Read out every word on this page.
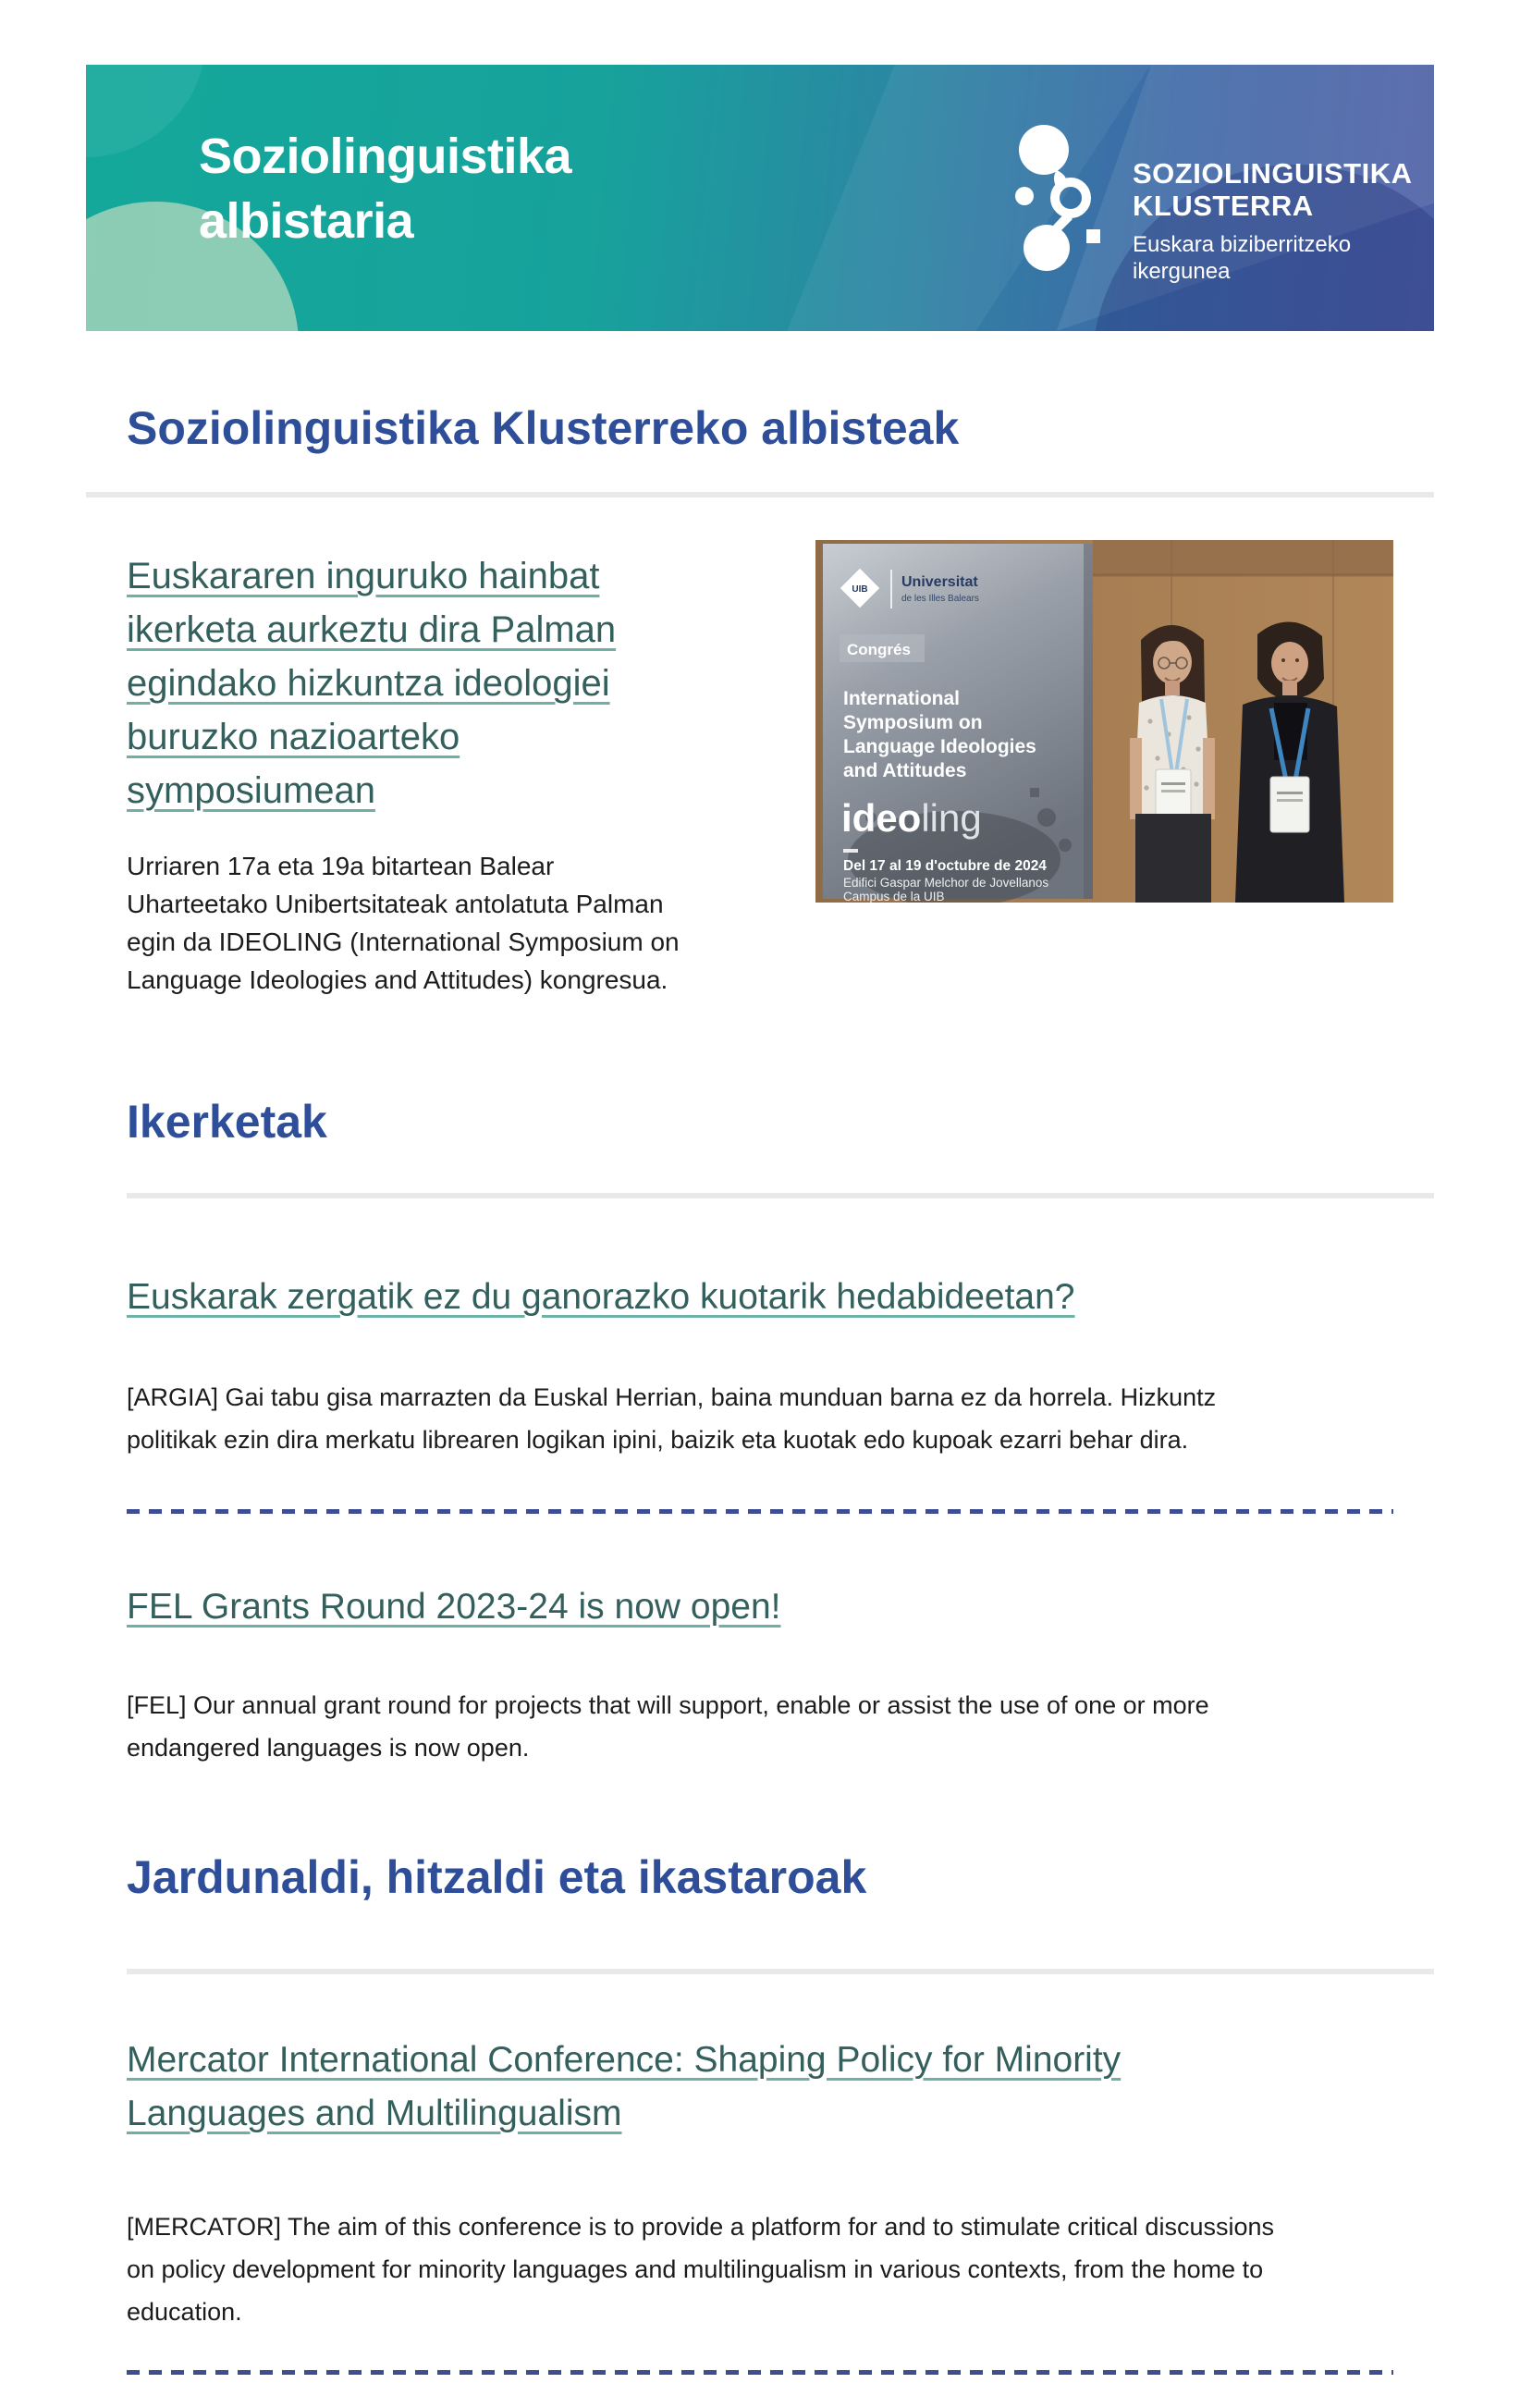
Soziolinguistika
albistaria
SOZIOLINGUISTIKA
KLUSTERRA
Euskara biziberritzeko
ikergunea
Soziolinguistika Klusterreko albisteak
Euskararen inguruko hainbat
ikerketa aurkeztu dira Palman
egindako hizkuntza ideologiei
buruzko nazioarteko
symposiumean
Urriaren 17a eta 19a bitartean Balear
Uharteetako Unibertsitateak antolatuta Palman
egin da IDEOLING (International Symposium on
Language Ideologies and Attitudes) kongresua.
UIB Universitat
de les Illes Balears
Congrés
International
Symposium on
Language Ideologies
and Attitudes
ideoling
Del 17 al 19 d'octubre de 2024
Edifici Gaspar Melchor de Jovellanos
Campus de la UIB
Ikerketak
Euskarak zergatik ez du ganorazko kuotarik hedabideetan?
[ARGIA] Gai tabu gisa marrazten da Euskal Herrian, baina munduan barna ez da horrela. Hizkuntz
politikak ezin dira merkatu librearen logikan ipini, baizik eta kuotak edo kupoak ezarri behar dira.
FEL Grants Round 2023-24 is now open!
[FEL] Our annual grant round for projects that will support, enable or assist the use of one or more
endangered languages is now open.
Jardunaldi, hitzaldi eta ikastaroak
Mercator International Conference: Shaping Policy for Minority
Languages and Multilingualism
[MERCATOR] The aim of this conference is to provide a platform for and to stimulate critical discussions
on policy development for minority languages and multilingualism in various contexts, from the home to
education.
